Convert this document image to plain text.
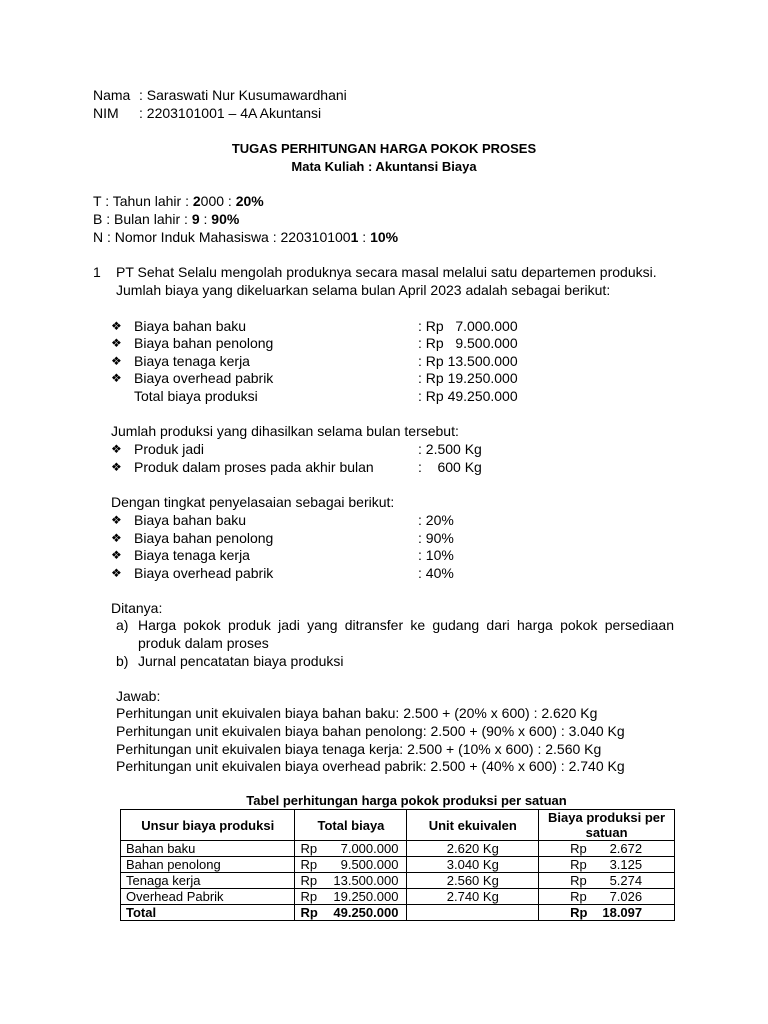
Nama : Saraswati Nur Kusumawardhani
NIM : 2203101001 – 4A Akuntansi
TUGAS PERHITUNGAN HARGA POKOK PROSES
Mata Kuliah : Akuntansi Biaya
T : Tahun lahir : 2000 : 20%
B : Bulan lahir : 9 : 90%
N : Nomor Induk Mahasiswa : 2203101001 : 10%
1 PT Sehat Selalu mengolah produknya secara masal melalui satu departemen produksi.
Jumlah biaya yang dikeluarkan selama bulan April 2023 adalah sebagai berikut:
❖ Biaya bahan baku	: Rp   7.000.000
❖ Biaya bahan penolong	: Rp   9.500.000
❖ Biaya tenaga kerja	: Rp 13.500.000
❖ Biaya overhead pabrik	: Rp 19.250.000
Total biaya produksi	: Rp 49.250.000
Jumlah produksi yang dihasilkan selama bulan tersebut:
❖ Produk jadi	: 2.500 Kg
❖ Produk dalam proses pada akhir bulan	:    600 Kg
Dengan tingkat penyelasaian sebagai berikut:
❖ Biaya bahan baku	: 20%
❖ Biaya bahan penolong	: 90%
❖ Biaya tenaga kerja	: 10%
❖ Biaya overhead pabrik	: 40%
Ditanya:
a) Harga pokok produk jadi yang ditransfer ke gudang dari harga pokok persediaan
produk dalam proses
b) Jurnal pencatatan biaya produksi
Jawab:
Perhitungan unit ekuivalen biaya bahan baku: 2.500 + (20% x 600) : 2.620 Kg
Perhitungan unit ekuivalen biaya bahan penolong: 2.500 + (90% x 600) : 3.040 Kg
Perhitungan unit ekuivalen biaya tenaga kerja: 2.500 + (10% x 600) : 2.560 Kg
Perhitungan unit ekuivalen biaya overhead pabrik: 2.500 + (40% x 600) : 2.740 Kg
Tabel perhitungan harga pokok produksi per satuan
Unsur biaya produksi	Total biaya	Unit ekuivalen	Biaya produksi per satuan
Bahan baku	Rp 7.000.000	2.620 Kg	Rp 2.672
Bahan penolong	Rp 9.500.000	3.040 Kg	Rp 3.125
Tenaga kerja	Rp 13.500.000	2.560 Kg	Rp 5.274
Overhead Pabrik	Rp 19.250.000	2.740 Kg	Rp 7.026
Total	Rp 49.250.000		Rp 18.097
